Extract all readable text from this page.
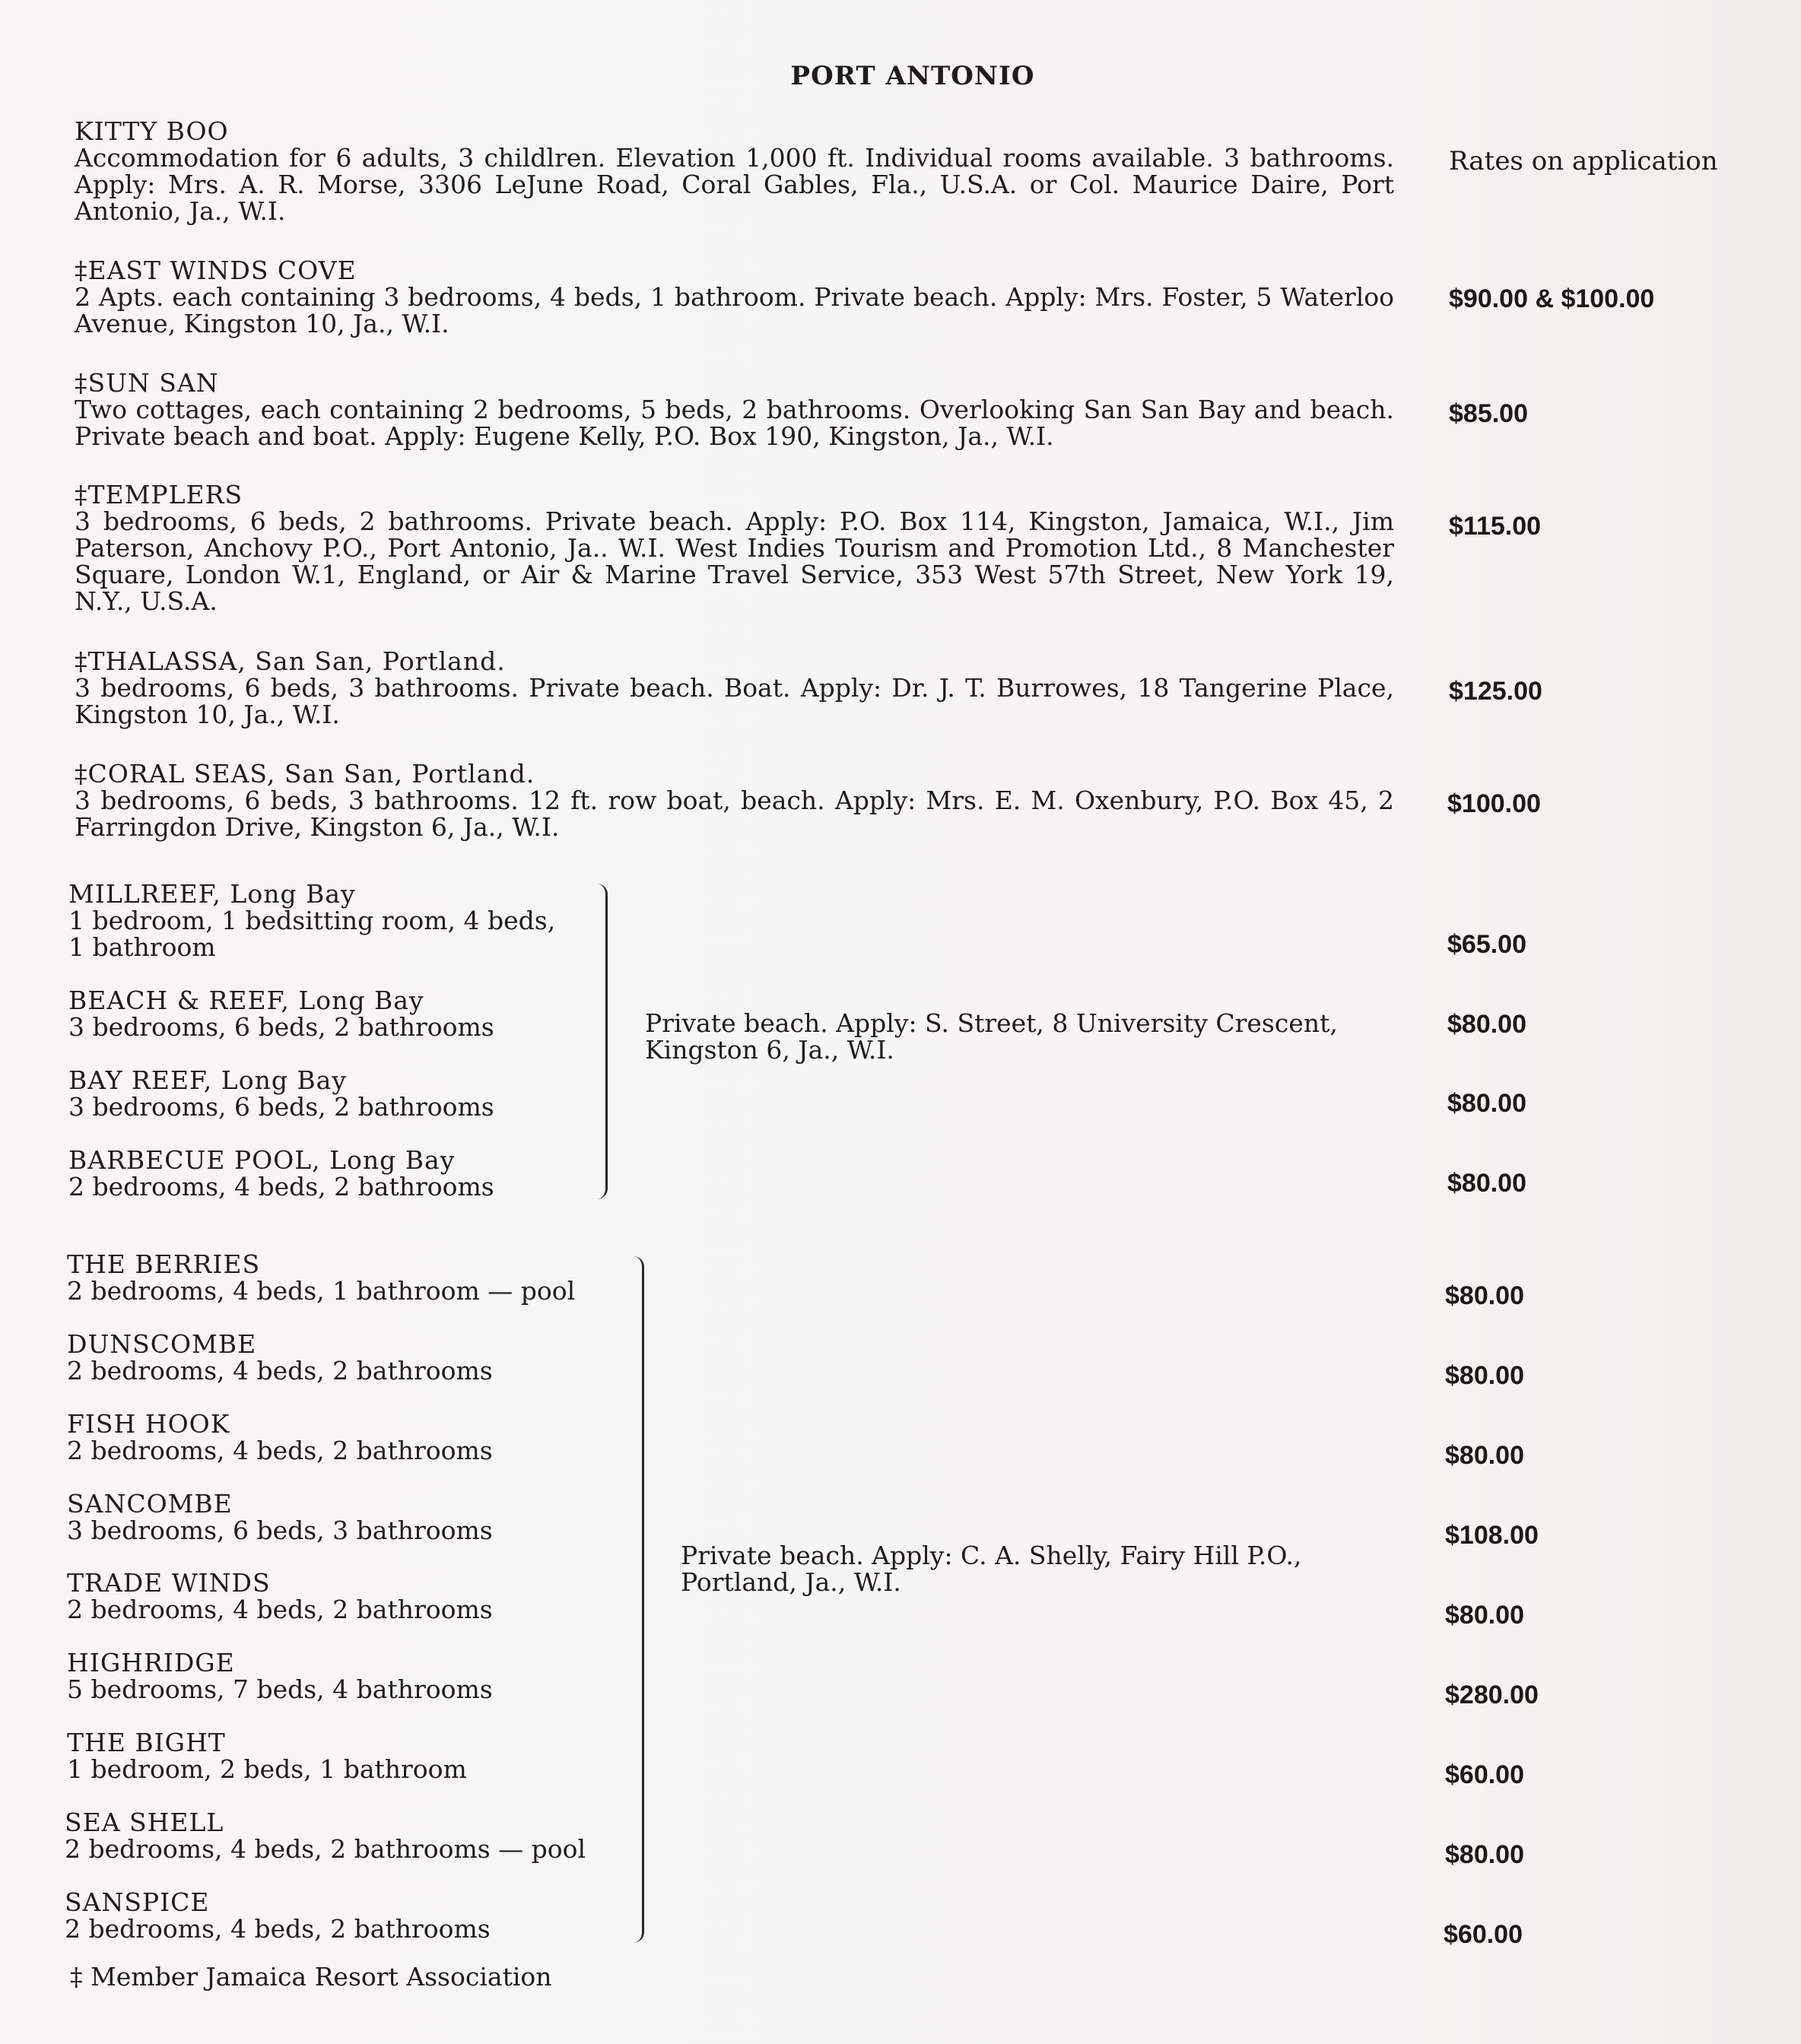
PORT ANTONIO
KITTY BOO
Accommodation for 6 adults, 3 childlren. Elevation 1,000 ft. Individual rooms available. 3 bathrooms. Apply: Mrs. A. R. Morse, 3306 LeJune Road, Coral Gables, Fla., U.S.A. or Col. Maurice Daire, Port Antonio, Ja., W.I.
Rates on application
‡EAST WINDS COVE
2 Apts. each containing 3 bedrooms, 4 beds, 1 bathroom. Private beach. Apply: Mrs. Foster, 5 Waterloo Avenue, Kingston 10, Ja., W.I.
$90.00 & $100.00
‡SUN SAN
Two cottages, each containing 2 bedrooms, 5 beds, 2 bathrooms. Overlooking San San Bay and beach. Private beach and boat. Apply: Eugene Kelly, P.O. Box 190, Kingston, Ja., W.I.
$85.00
‡TEMPLERS
3 bedrooms, 6 beds, 2 bathrooms. Private beach. Apply: P.O. Box 114, Kingston, Jamaica, W.I., Jim Paterson, Anchovy P.O., Port Antonio, Ja.. W.I. West Indies Tourism and Promotion Ltd., 8 Manchester Square, London W.1, England, or Air & Marine Travel Service, 353 West 57th Street, New York 19, N.Y., U.S.A.
$115.00
‡THALASSA, San San, Portland.
3 bedrooms, 6 beds, 3 bathrooms. Private beach. Boat. Apply: Dr. J. T. Burrowes, 18 Tangerine Place, Kingston 10, Ja., W.I.
$125.00
‡CORAL SEAS, San San, Portland.
3 bedrooms, 6 beds, 3 bathrooms. 12 ft. row boat, beach. Apply: Mrs. E. M. Oxenbury, P.O. Box 45, 2 Farringdon Drive, Kingston 6, Ja., W.I.
$100.00
MILLREEF, Long Bay
1 bedroom, 1 bedsitting room, 4 beds,
1 bathroom	$65.00
BEACH & REEF, Long Bay
3 bedrooms, 6 beds, 2 bathrooms	$80.00
BAY REEF, Long Bay
3 bedrooms, 6 beds, 2 bathrooms	$80.00
BARBECUE POOL, Long Bay
2 bedrooms, 4 beds, 2 bathrooms	$80.00
Private beach. Apply: S. Street, 8 University Crescent, Kingston 6, Ja., W.I.
THE BERRIES
2 bedrooms, 4 beds, 1 bathroom — pool	$80.00
DUNSCOMBE
2 bedrooms, 4 beds, 2 bathrooms	$80.00
FISH HOOK
2 bedrooms, 4 beds, 2 bathrooms	$80.00
SANCOMBE
3 bedrooms, 6 beds, 3 bathrooms	$108.00
TRADE WINDS
2 bedrooms, 4 beds, 2 bathrooms	$80.00
HIGHRIDGE
5 bedrooms, 7 beds, 4 bathrooms	$280.00
THE BIGHT
1 bedroom, 2 beds, 1 bathroom	$60.00
SEA SHELL
2 bedrooms, 4 beds, 2 bathrooms — pool	$80.00
SANSPICE
2 bedrooms, 4 beds, 2 bathrooms	$60.00
Private beach. Apply: C. A. Shelly, Fairy Hill P.O., Portland, Ja., W.I.
‡ Member Jamaica Resort Association
